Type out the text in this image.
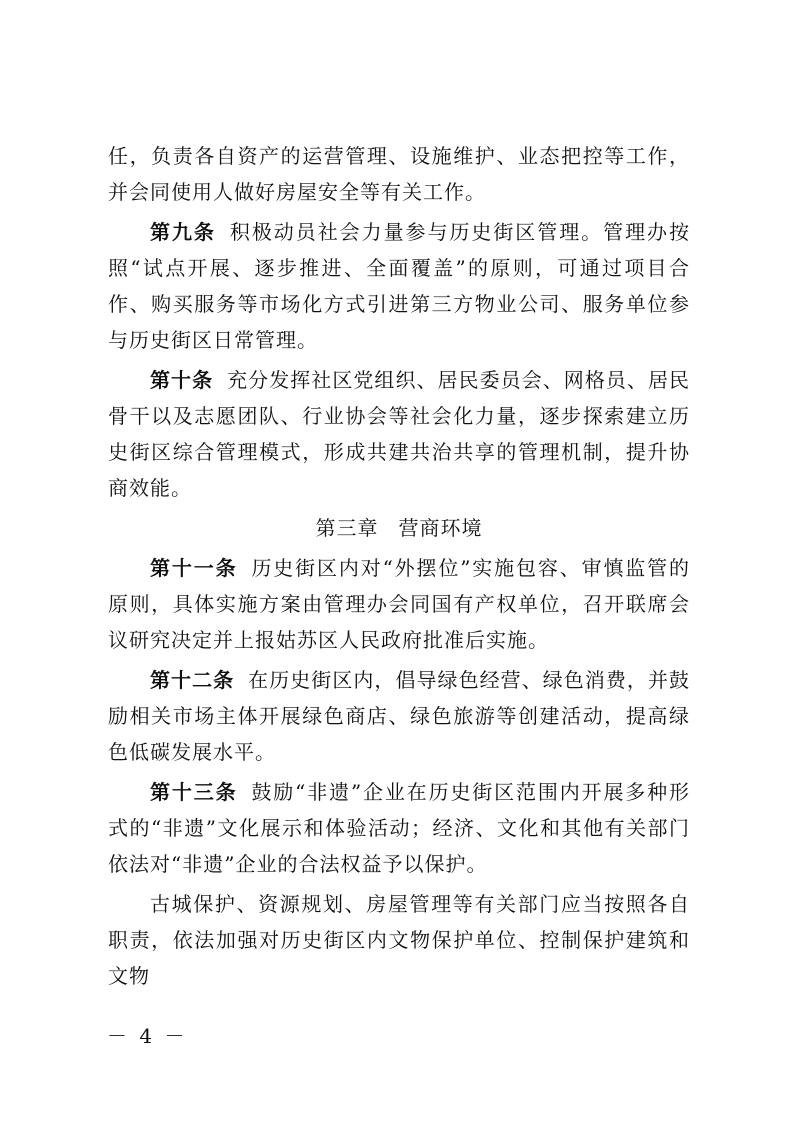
任，负责各自资产的运营管理、设施维护、业态把控等工作，并会同使用人做好房屋安全等有关工作。

第九条 积极动员社会力量参与历史街区管理。管理办按照“试点开展、逐步推进、全面覆盖”的原则，可通过项目合作、购买服务等市场化方式引进第三方物业公司、服务单位参与历史街区日常管理。

第十条 充分发挥社区党组织、居民委员会、网格员、居民骨干以及志愿团队、行业协会等社会化力量，逐步探索建立历史街区综合管理模式，形成共建共治共享的管理机制，提升协商效能。

第三章 营商环境

第十一条 历史街区内对“外摆位”实施包容、审慎监管的原则，具体实施方案由管理办会同国有产权单位，召开联席会议研究决定并上报姑苏区人民政府批准后实施。

第十二条 在历史街区内，倡导绿色经营、绿色消费，并鼓励相关市场主体开展绿色商店、绿色旅游等创建活动，提高绿色低碳发展水平。

第十三条 鼓励“非遗”企业在历史街区范围内开展多种形式的“非遗”文化展示和体验活动；经济、文化和其他有关部门依法对“非遗”企业的合法权益予以保护。

古城保护、资源规划、房屋管理等有关部门应当按照各自职责，依法加强对历史街区内文物保护单位、控制保护建筑和文物

－ 4 －
